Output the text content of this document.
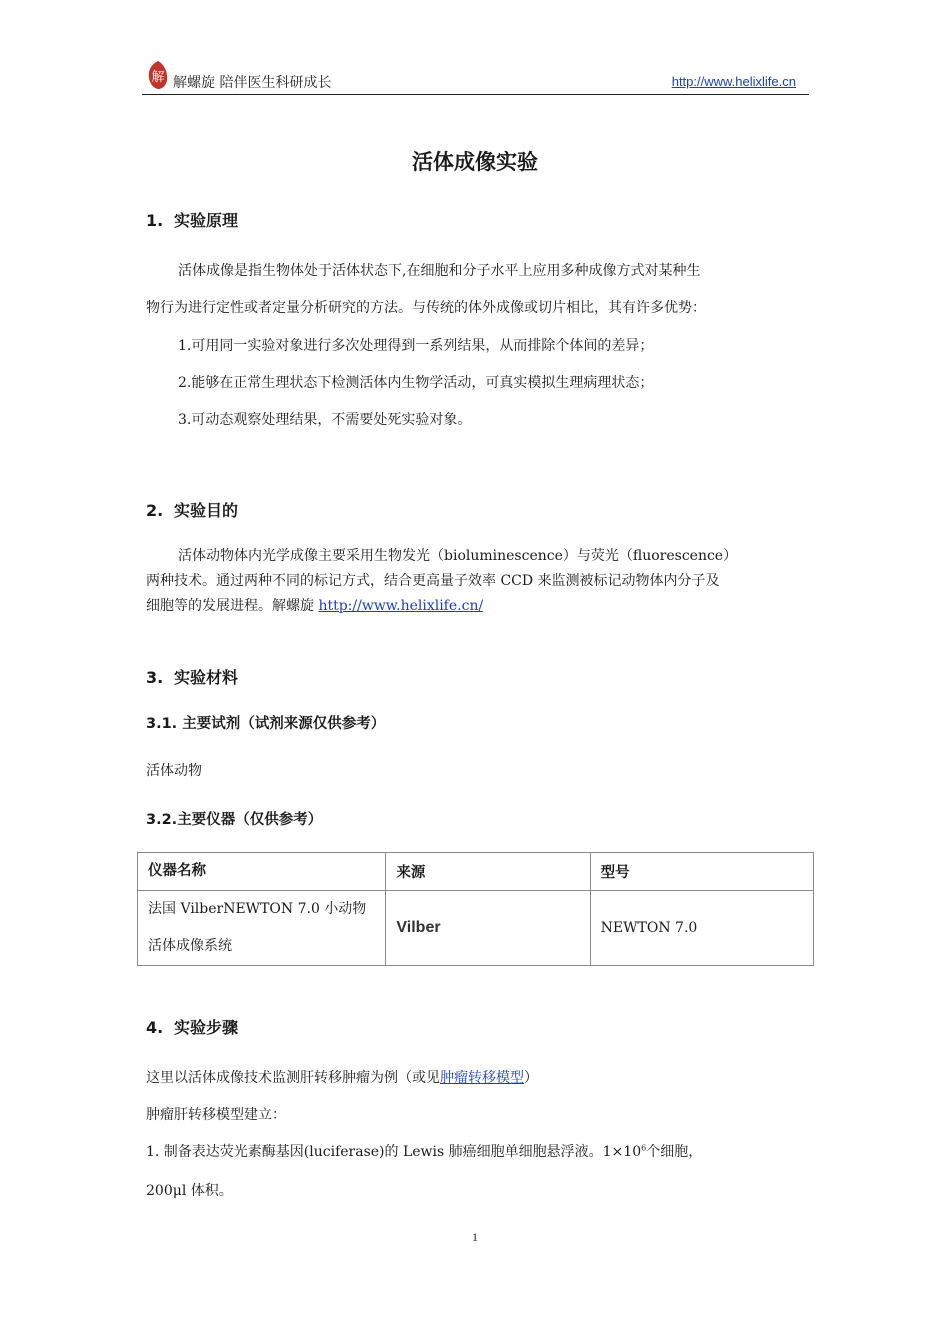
解 解螺旋 陪伴医生科研成长	http://www.helixlife.cn
活体成像实验
1. 实验原理
活体成像是指生物体处于活体状态下,在细胞和分子水平上应用多种成像方式对某种生
物行为进行定性或者定量分析研究的方法。与传统的体外成像或切片相比，其有许多优势：
1.可用同一实验对象进行多次处理得到一系列结果，从而排除个体间的差异；
2.能够在正常生理状态下检测活体内生物学活动，可真实模拟生理病理状态；
3.可动态观察处理结果，不需要处死实验对象。
2. 实验目的
活体动物体内光学成像主要采用生物发光（bioluminescence）与荧光（fluorescence）
两种技术。通过两种不同的标记方式，结合更高量子效率 CCD 来监测被标记动物体内分子及
细胞等的发展进程。解螺旋 http://www.helixlife.cn/
3. 实验材料
3.1. 主要试剂（试剂来源仅供参考）
活体动物
3.2.主要仪器（仅供参考）
仪器名称	来源	型号

法国 VilberNEWTON 7.0 小动物
活体成像系统	Vilber	NEWTON 7.0
4. 实验步骤
这里以活体成像技术监测肝转移肿瘤为例（或见肿瘤转移模型）
肿瘤肝转移模型建立：
1. 制备表达荧光素酶基因(luciferase)的 Lewis 肺癌细胞单细胞悬浮液。$1\times 10^6$个细胞，
200μl 体积。
1
